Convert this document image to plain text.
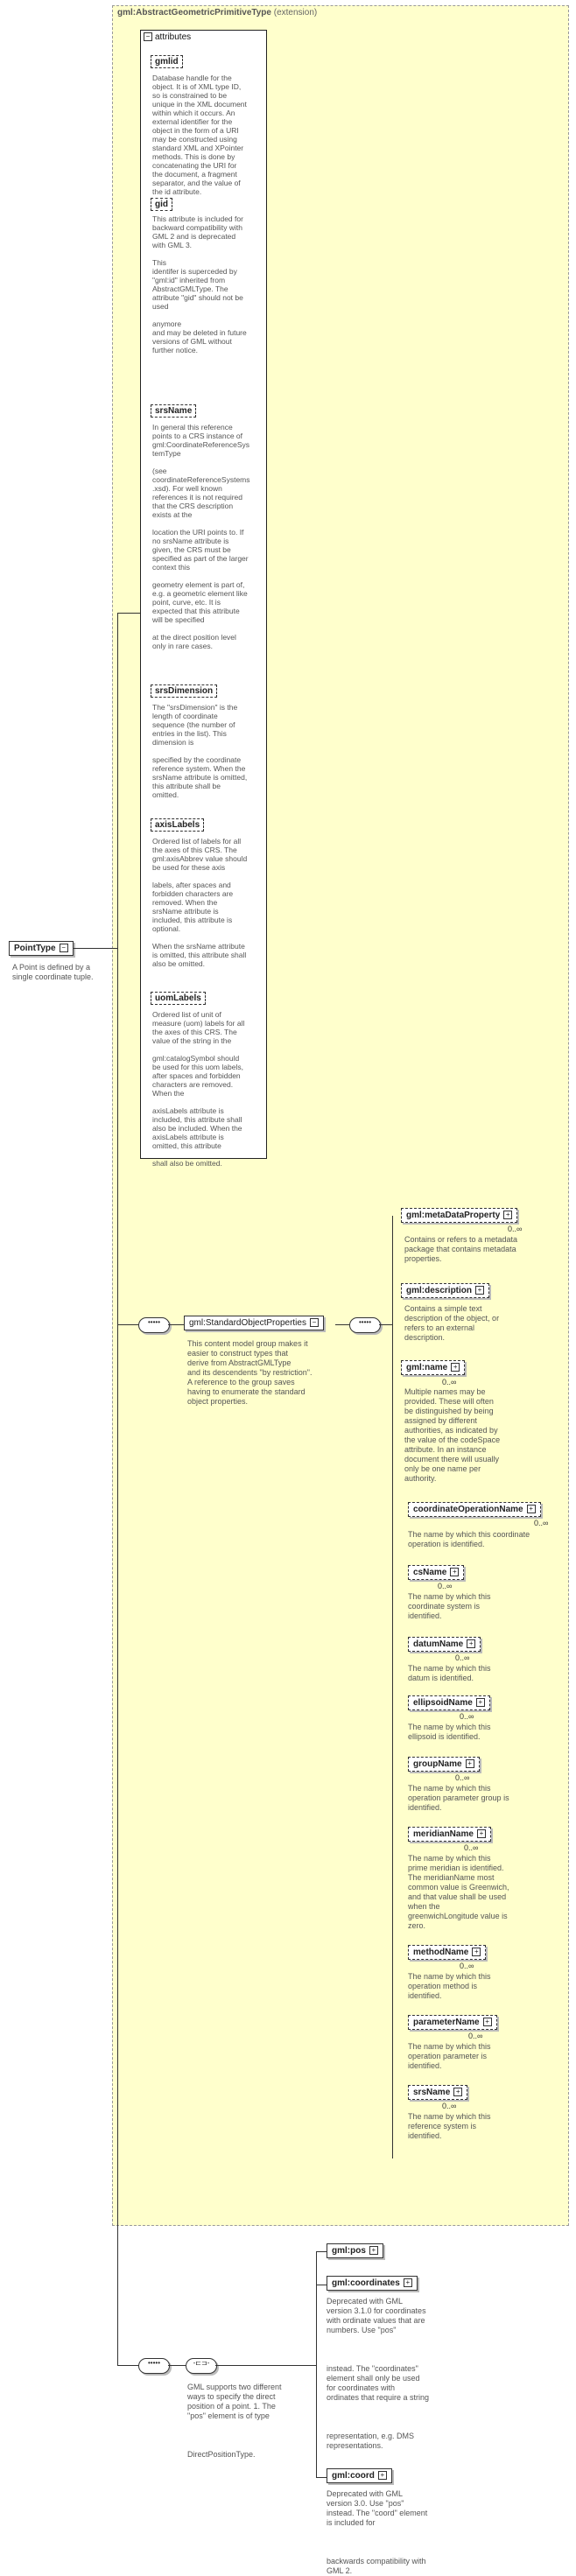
gml:AbstractGeometricPrimitiveType (extension)
− attributes
gmlid
Database handle for the
object. It is of XML type ID,
so is constrained to be
unique in the XML document
within which it occurs. An
external identifier for the
object in the form of a URI
may be constructed using
standard XML and XPointer
methods. This is done by
concatenating the URI for
the document, a fragment
separator, and the value of
the id attribute.
gid
This attribute is included for
backward compatibility with
GML 2 and is deprecated
with GML 3.

This
identifer is superceded by
"gml:id" inherited from
AbstractGMLType. The
attribute "gid" should not be
used

anymore
and may be deleted in future
versions of GML without
further notice.
srsName
In general this reference
points to a CRS instance of
gml:CoordinateReferenceSys
temType

(see
coordinateReferenceSystems
.xsd). For well known
references it is not required
that the CRS description
exists at the

location the URI points to. If
no srsName attribute is
given, the CRS must be
specified as part of the larger
context this

geometry element is part of,
e.g. a geometric element like
point, curve, etc. It is
expected that this attribute
will be specified

at the direct position level
only in rare cases.
srsDimension
The "srsDimension" is the
length of coordinate
sequence (the number of
entries in the list). This
dimension is

specified by the coordinate
reference system. When the
srsName attribute is omitted,
this attribute shall be
omitted.
axisLabels
Ordered list of labels for all
the axes of this CRS. The
gml:axisAbbrev value should
be used for these axis

labels, after spaces and
forbidden characters are
removed. When the
srsName attribute is
included, this attribute is
optional.

When the srsName attribute
is omitted, this attribute shall
also be omitted.
uomLabels
Ordered list of unit of
measure (uom) labels for all
the axes of this CRS. The
value of the string in the

gml:catalogSymbol should
be used for this uom labels,
after spaces and forbidden
characters are removed.
When the

axisLabels attribute is
included, this attribute shall
also be included. When the
axisLabels attribute is
omitted, this attribute

shall also be omitted.
PointType −
A Point is defined by a
single coordinate tuple.
•••••	gml:StandardObjectProperties −
This content model group makes it
easier to construct types that
derive from AbstractGMLType
and its descendents "by restriction".
A reference to the group saves
having to enumerate the standard
object properties.
•••••
gml:metaDataProperty +
0..∞
Contains or refers to a metadata
package that contains metadata
properties.
gml:description +
Contains a simple text
description of the object, or
refers to an external
description.
gml:name +
0..∞
Multiple names may be
provided. These will often
be distinguished by being
assigned by different
authorities, as indicated by
the value of the codeSpace
attribute. In an instance
document there will usually
only be one name per
authority.
coordinateOperationName +
0..∞
The name by which this coordinate
operation is identified.
csName +
0..∞
The name by which this
coordinate system is
identified.
datumName +
0..∞
The name by which this
datum is identified.
ellipsoidName +
0..∞
The name by which this
ellipsoid is identified.
groupName +
0..∞
The name by which this
operation parameter group is
identified.
meridianName +
0..∞
The name by which this
prime meridian is identified.
The meridianName most
common value is Greenwich,
and that value shall be used
when the
greenwichLongitude value is
zero.
methodName +
0..∞
The name by which this
operation method is
identified.
parameterName +
0..∞
The name by which this
operation parameter is
identified.
srsName +
0..∞
The name by which this
reference system is
identified.
•••••	‑⊏⊐‑
GML supports two different
ways to specify the direct
position of a point. 1. The
"pos" element is of type

DirectPositionType.
gml:pos +
gml:coordinates +
Deprecated with GML
version 3.1.0 for coordinates
with ordinate values that are
numbers. Use "pos"

instead. The "coordinates"
element shall only be used
for coordinates with
ordinates that require a string

representation, e.g. DMS
representations.
gml:coord +
Deprecated with GML
version 3.0. Use "pos"
instead. The "coord" element
is included for

backwards compatibility with
GML 2.
